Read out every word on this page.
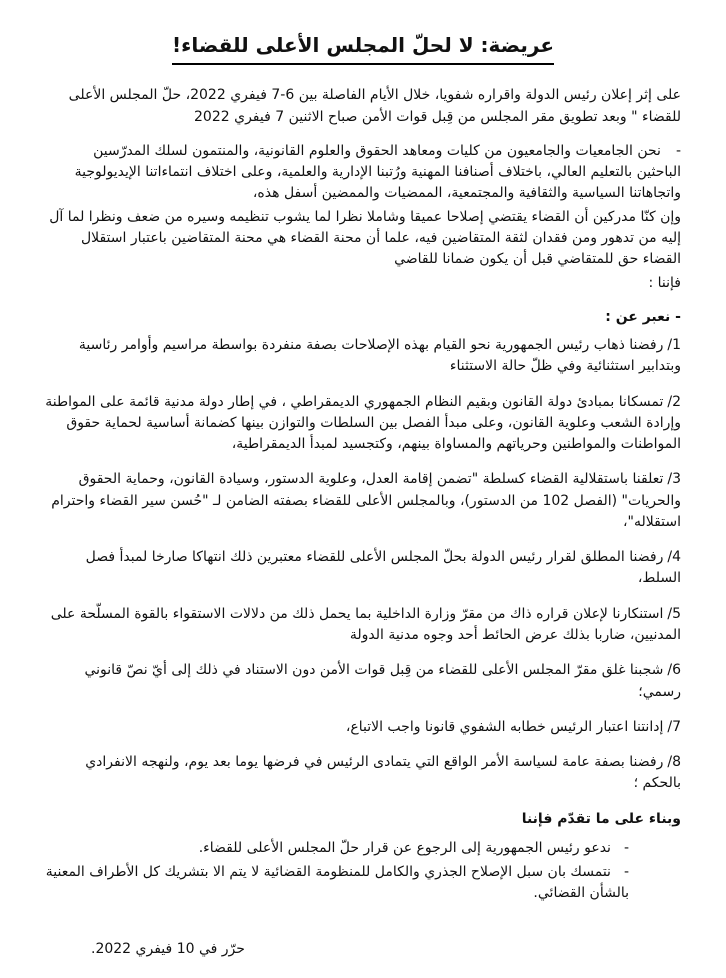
عريضة: لا لحلّ المجلس الأعلى للقضاء!

على إثر إعلان رئيس الدولة واقراره شفويا، خلال الأيام الفاصلة بين 6-7 فيفري 2022، حلّ المجلس الأعلى للقضاء " وبعد تطويق مقر المجلس من قِبل قوات الأمن صباح الاثنين 7 فيفري 2022

-نحن الجامعيات والجامعيون من كليات ومعاهد الحقوق والعلوم القانونية، والمنتمون لسلك المدرّسين الباحثين بالتعليم العالي، باختلاف أصنافنا المهنية ورُتبنا الإدارية والعلمية، وعلى اختلاف انتماءاتنا الإيديولوجية واتجاهاتنا السياسية والثقافية والمجتمعية، الممضيات والممضين أسفل هذه،

وإن كنّا مدركين أن القضاء يقتضي إصلاحا عميقا وشاملا نظرا لما يشوب تنظيمه وسيره من ضعف ونظرا لما آل إليه من تدهور ومن فقدان لثقة المتقاضين فيه، علما أن محنة القضاء هي محنة المتقاضين باعتبار استقلال القضاء حق للمتقاضي قبل أن يكون ضمانا للقاضي

فإننا :

- نعبر عن :

1/رفضنا ذهاب رئيس الجمهورية نحو القيام بهذه الإصلاحات بصفة منفردة بواسطة مراسيم وأوامر رئاسية وبتدابير استثنائية وفي ظلّ حالة الاستثناء

2/تمسكانا بمبادئ دولة القانون وبقيم النظام الجمهوري الديمقراطي ، في إطار دولة مدنية قائمة على المواطنة وإرادة الشعب وعلوية القانون، وعلى مبدأ الفصل بين السلطات والتوازن بينها كضمانة أساسية لحماية حقوق المواطنات والمواطنين وحرياتهم والمساواة بينهم، وكتجسيد لمبدأ الديمقراطية،

3/تعلقنا باستقلالية القضاء كسلطة "تضمن إقامة العدل، وعلوية الدستور، وسيادة القانون، وحماية الحقوق والحريات" (الفصل 102 من الدستور)، وبالمجلس الأعلى للقضاء بصفته الضامن لـ "حُسن سير القضاء واحترام استقلاله"،

4/رفضنا المطلق لقرار رئيس الدولة بحلّ المجلس الأعلى للقضاء معتبرين ذلك انتهاكا صارخا لمبدأ فصل السلط،

5/استنكارنا لإعلان قراره ذاك من مقرّ وزارة الداخلية بما يحمل ذلك من دلالات الاستقواء بالقوة المسلّحة على المدنيين، ضاربا بذلك عرض الحائط أحد وجوه مدنية الدولة

6/شجبنا غلق مقرّ المجلس الأعلى للقضاء من قِبل قوات الأمن دون الاستناد في ذلك إلى أيّ نصّ قانوني رسمي؛

7/إدانتنا اعتبار الرئيس خطابه الشفوي قانونا واجب الاتباع،

8/رفضنا بصفة عامة لسياسة الأمر الواقع التي يتمادى الرئيس في فرضها يوما بعد يوم، ولنهجه الانفرادي بالحكم ؛

وبناء على ما تقدّم فإننا

-ندعو رئيس الجمهورية إلى الرجوع عن قرار حلّ المجلس الأعلى للقضاء.
-نتمسك بان سبل الإصلاح الجذري والكامل للمنظومة القضائية لا يتم الا بتشريك كل الأطراف المعنية بالشأن القضائي.

حرّر في 10 فيفري 2022.
